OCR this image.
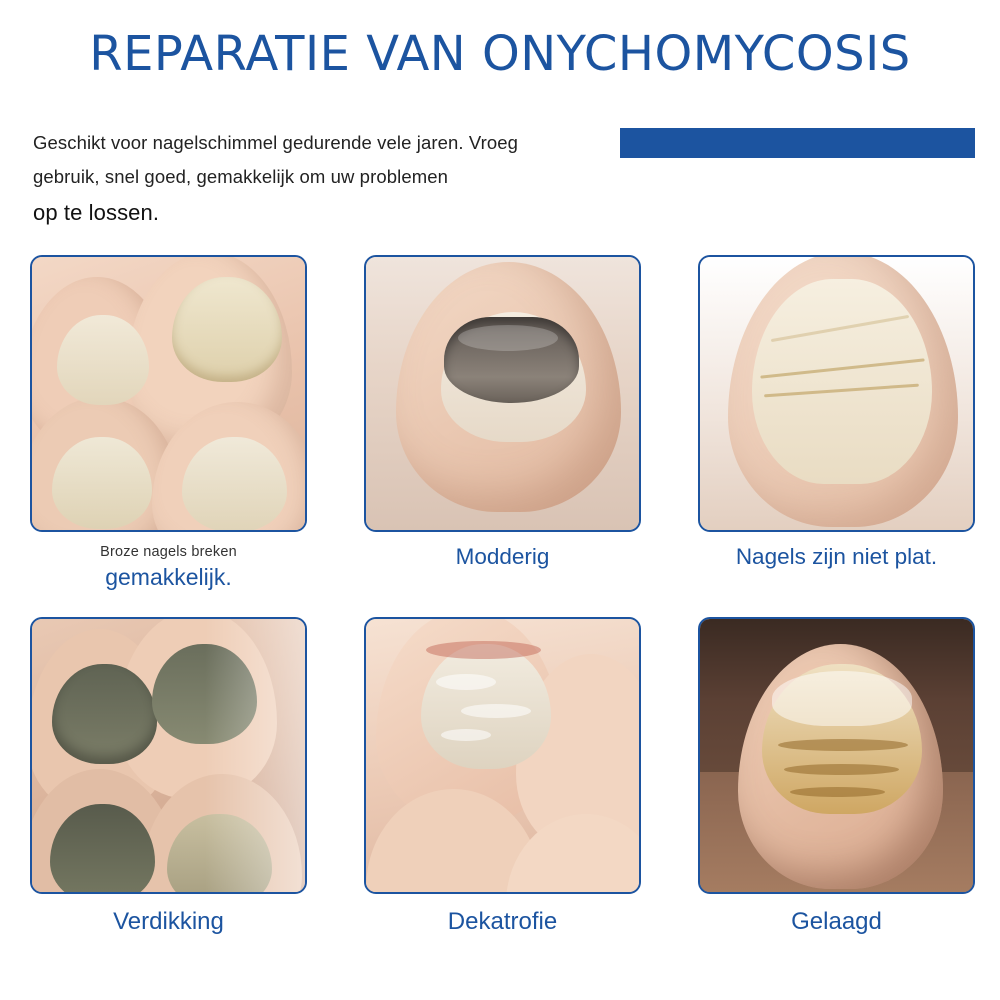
REPARATIE VAN ONYCHOMYCOSIS
Geschikt voor nagelschimmel gedurende vele jaren. Vroeg
gebruik, snel goed, gemakkelijk om uw problemen
op te lossen.
Broze nagels breken
gemakkelijk.
Modderig	Nagels zijn niet plat.
Verdikking	Dekatrofie	Gelaagd
